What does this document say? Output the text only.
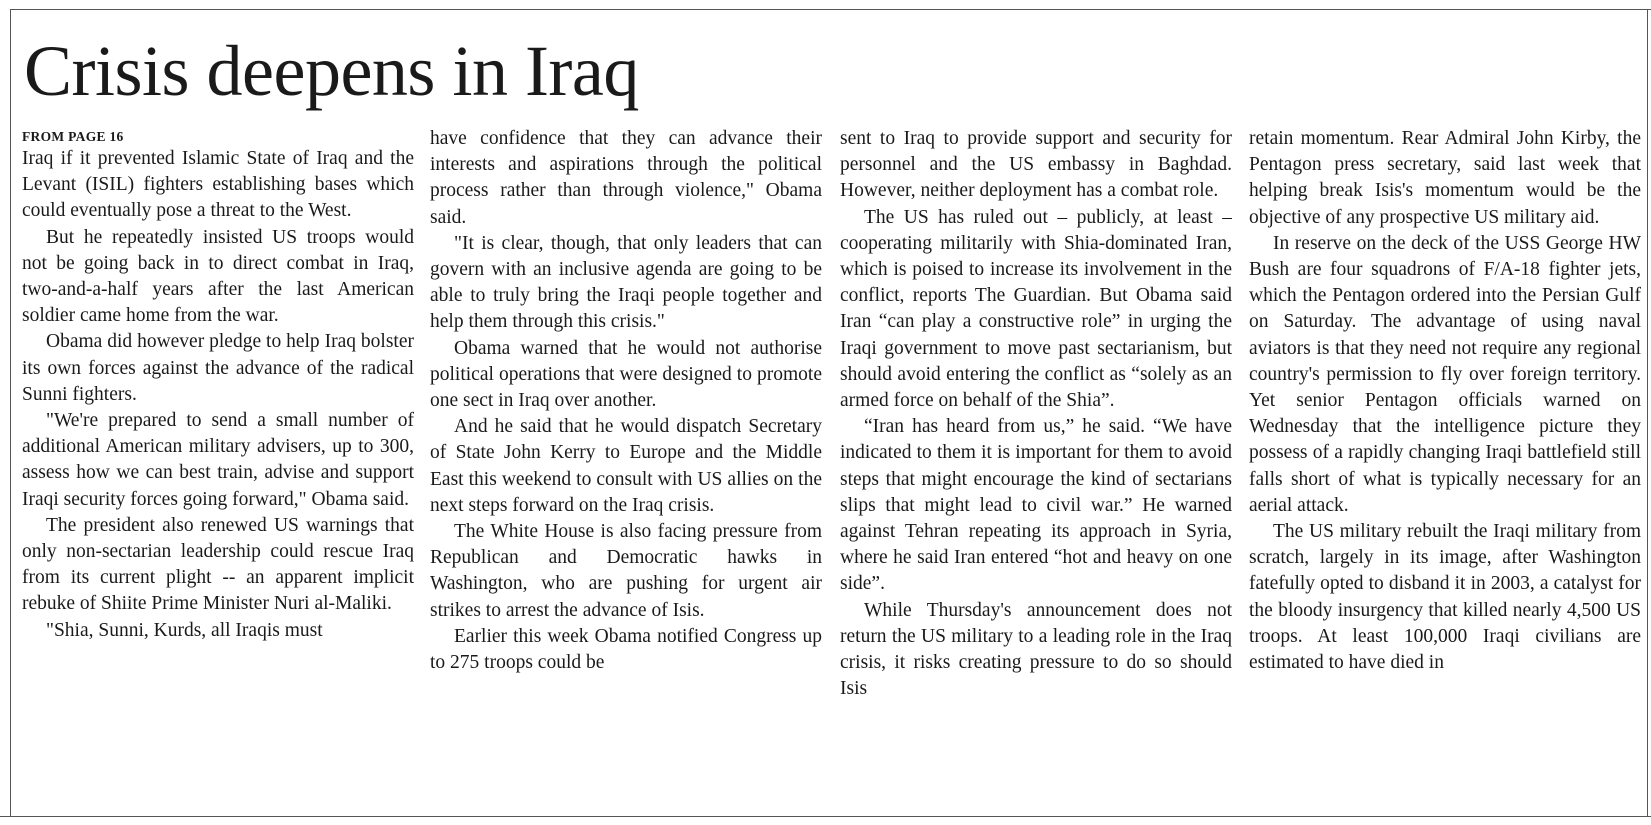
Crisis deepens in Iraq
FROM PAGE 16

Iraq if it prevented Islamic State of Iraq and the Levant (ISIL) fighters establishing bases which could eventually pose a threat to the West.

But he repeatedly insisted US troops would not be going back in to direct combat in Iraq, two-and-a-half years after the last American soldier came home from the war.

Obama did however pledge to help Iraq bolster its own forces against the advance of the radical Sunni fighters.

"We're prepared to send a small number of additional American military advisers, up to 300, assess how we can best train, advise and support Iraqi security forces going forward," Obama said.

The president also renewed US warnings that only non-sectarian leadership could rescue Iraq from its current plight -- an apparent implicit rebuke of Shiite Prime Minister Nuri al-Maliki.

"Shia, Sunni, Kurds, all Iraqis must

have confidence that they can advance their interests and aspirations through the political process rather than through violence," Obama said.

"It is clear, though, that only leaders that can govern with an inclusive agenda are going to be able to truly bring the Iraqi people together and help them through this crisis."

Obama warned that he would not authorise political operations that were designed to promote one sect in Iraq over another.

And he said that he would dispatch Secretary of State John Kerry to Europe and the Middle East this weekend to consult with US allies on the next steps forward on the Iraq crisis.

The White House is also facing pressure from Republican and Democratic hawks in Washington, who are pushing for urgent air strikes to arrest the advance of Isis.

Earlier this week Obama notified Congress up to 275 troops could be

sent to Iraq to provide support and security for personnel and the US embassy in Baghdad. However, neither deployment has a combat role.

The US has ruled out – publicly, at least – cooperating militarily with Shia-dominated Iran, which is poised to increase its involvement in the conflict, reports The Guardian. But Obama said Iran “can play a constructive role” in urging the Iraqi government to move past sectarianism, but should avoid entering the conflict as “solely as an armed force on behalf of the Shia”.

“Iran has heard from us,” he said. “We have indicated to them it is important for them to avoid steps that might encourage the kind of sectarians slips that might lead to civil war.” He warned against Tehran repeating its approach in Syria, where he said Iran entered “hot and heavy on one side”.

While Thursday's announcement does not return the US military to a leading role in the Iraq crisis, it risks creating pressure to do so should Isis

retain momentum. Rear Admiral John Kirby, the Pentagon press secretary, said last week that helping break Isis's momentum would be the objective of any prospective US military aid.

In reserve on the deck of the USS George HW Bush are four squadrons of F/A-18 fighter jets, which the Pentagon ordered into the Persian Gulf on Saturday. The advantage of using naval aviators is that they need not require any regional country's permission to fly over foreign territory. Yet senior Pentagon officials warned on Wednesday that the intelligence picture they possess of a rapidly changing Iraqi battlefield still falls short of what is typically necessary for an aerial attack.

The US military rebuilt the Iraqi military from scratch, largely in its image, after Washington fatefully opted to disband it in 2003, a catalyst for the bloody insurgency that killed nearly 4,500 US troops. At least 100,000 Iraqi civilians are estimated to have died in
